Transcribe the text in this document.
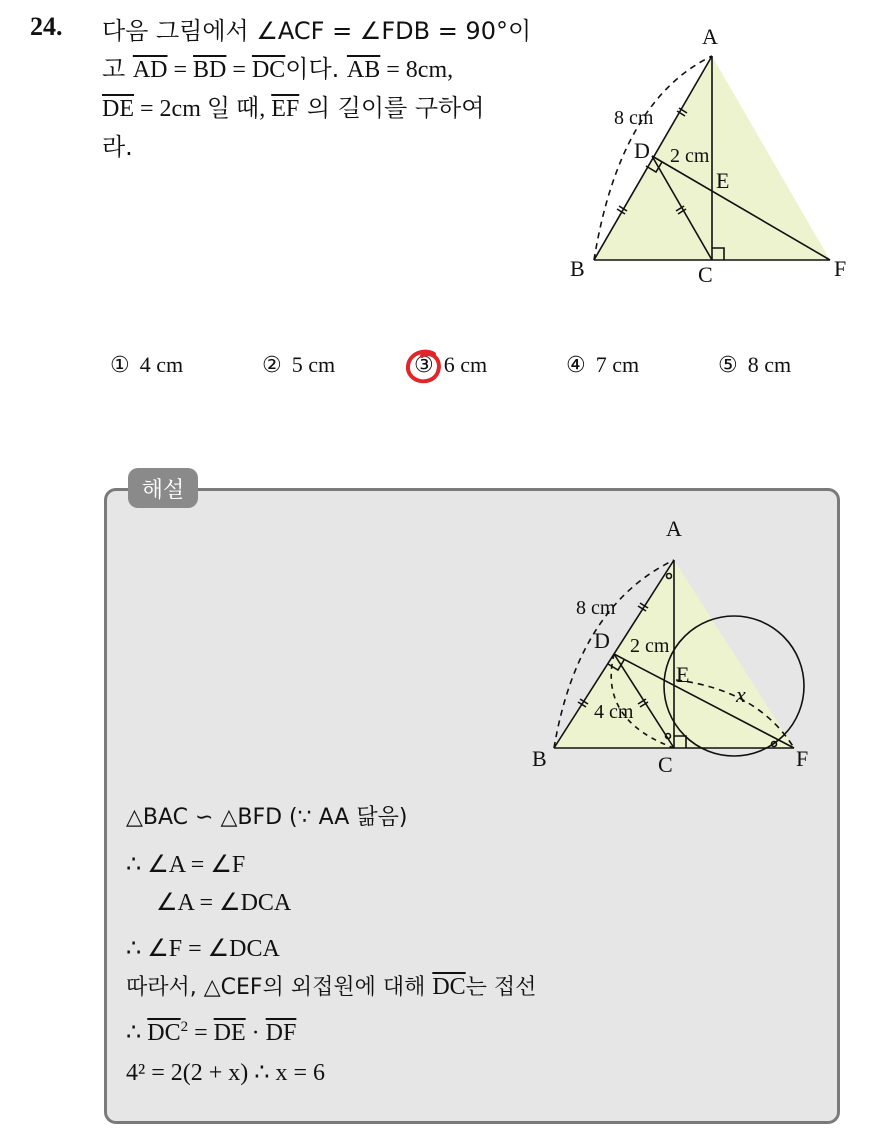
24. 다음 그림에서 ∠ACF = ∠FDB = 90°이
고 $\overline{AD} = \overline{BD} = \overline{DC}$이다. $\overline{AB} = 8cm$,
$\overline{DE} = 2cm$ 일 때, $\overline{EF}$ 의 길이를 구하여
라.
A
B	C
D
E
F
8 cm
2 cm
① 4 cm	② 5 cm	③ 6 cm	④ 7 cm	⑤ 8 cm
해설
A
B	C
D
E
F
x
8 cm
2 cm
4 cm
△BAC ∽ △BFD (∵ AA 닮음)
∴ ∠A = ∠F
∠A = ∠DCA
∴ ∠F = ∠DCA
따라서, △CEF의 외접원에 대해 $\overline{DC}$는 접선
∴ $\overline{DC}^2 = \overline{DE} \cdot \overline{DF}$
4² = 2(2 + x) ∴ x = 6
